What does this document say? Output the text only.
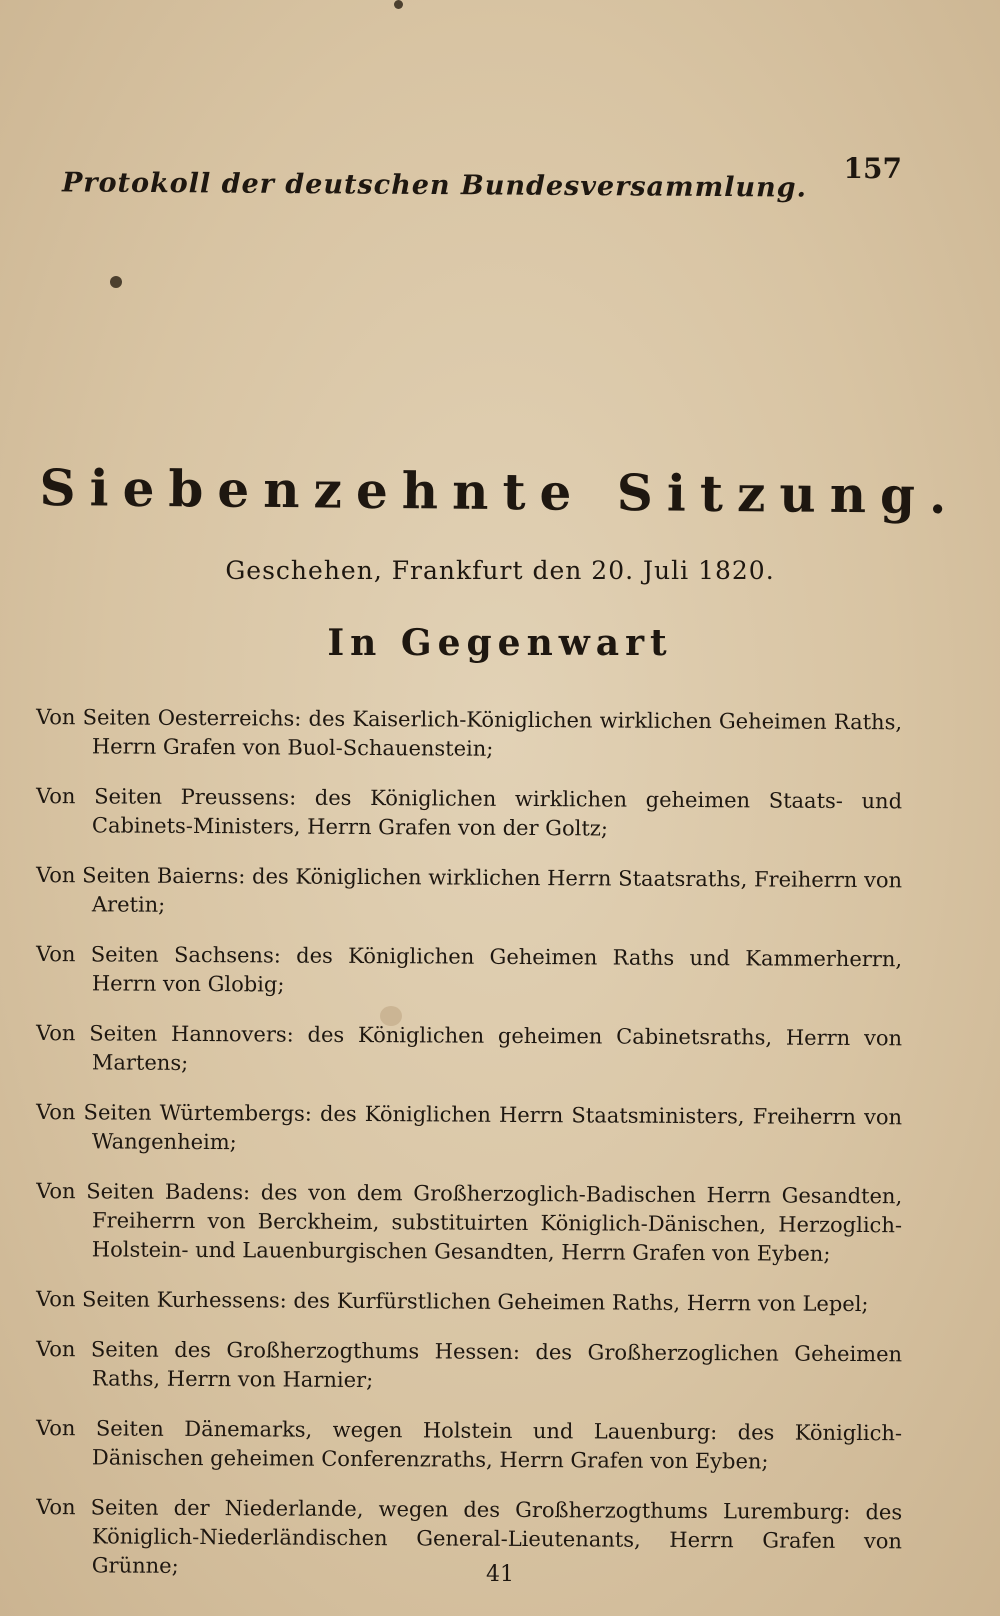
Protokoll der deutschen Bundesversammlung. 157
Siebenzehnte Sitzung.
Geschehen, Frankfurt den 20. Juli 1820.
In Gegenwart

Von Seiten Oesterreichs: des Kaiserlich-Königlichen wirklichen Geheimen Raths, Herrn Grafen von Buol-Schauenstein;

Von Seiten Preussens: des Königlichen wirklichen geheimen Staats- und Cabinets-Ministers, Herrn Grafen von der Goltz;

Von Seiten Baierns: des Königlichen wirklichen Herrn Staatsraths, Freiherrn von Aretin;

Von Seiten Sachsens: des Königlichen Geheimen Raths und Kammerherrn, Herrn von Globig;

Von Seiten Hannovers: des Königlichen geheimen Cabinetsraths, Herrn von Martens;

Von Seiten Würtembergs: des Königlichen Herrn Staatsministers, Freiherrn von Wangenheim;

Von Seiten Badens: des von dem Großherzoglich-Badischen Herrn Gesandten, Freiherrn von Berckheim, substituirten Königlich-Dänischen, Herzoglich-Holstein- und Lauenburgischen Gesandten, Herrn Grafen von Eyben;

Von Seiten Kurhessens: des Kurfürstlichen Geheimen Raths, Herrn von Lepel;

Von Seiten des Großherzogthums Hessen: des Großherzoglichen Geheimen Raths, Herrn von Harnier;

Von Seiten Dänemarks, wegen Holstein und Lauenburg: des Königlich-Dänischen geheimen Conferenzraths, Herrn Grafen von Eyben;

Von Seiten der Niederlande, wegen des Großherzogthums Luremburg: des Königlich-Niederländischen General-Lieutenants, Herrn Grafen von Grünne;	41
